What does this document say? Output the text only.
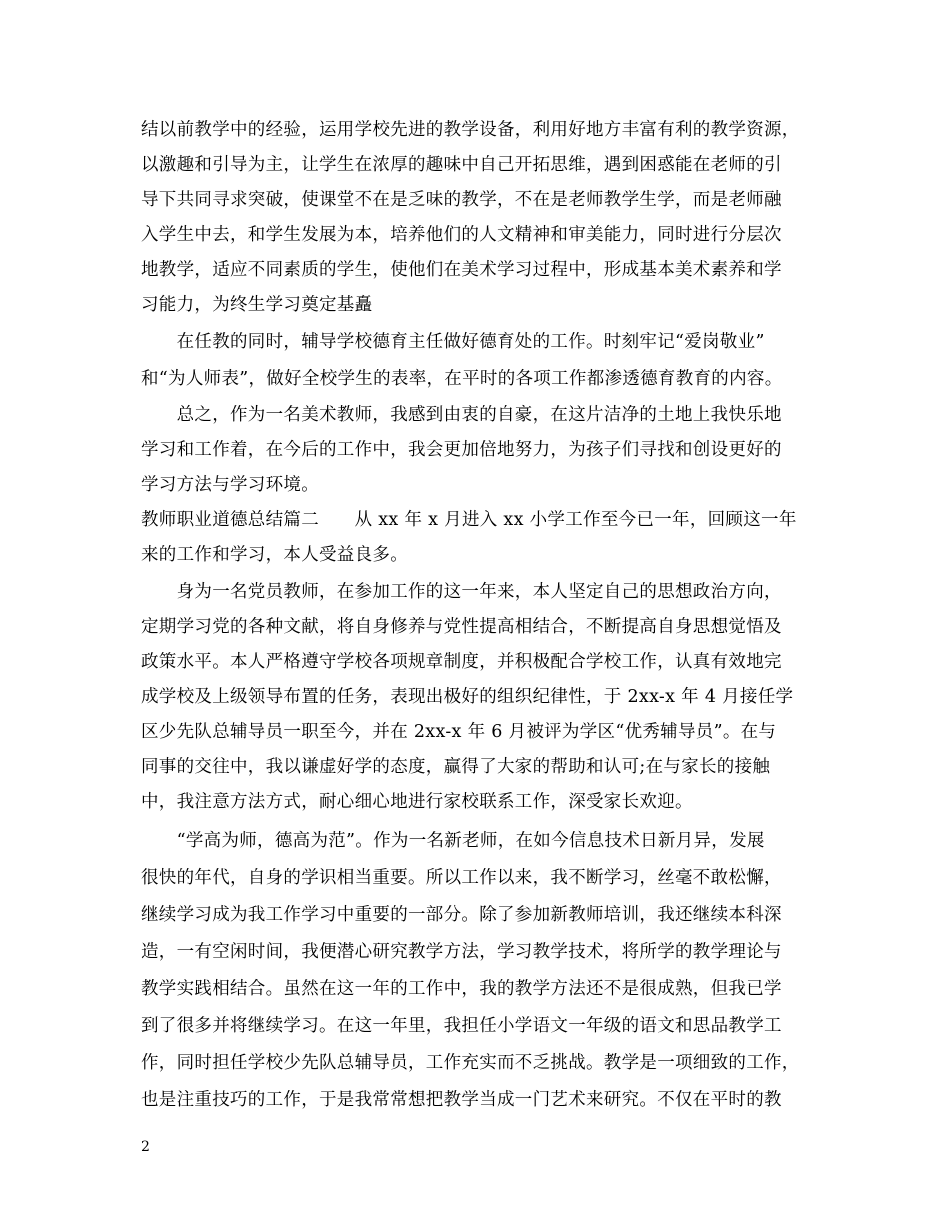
结以前教学中的经验，运用学校先进的教学设备，利用好地方丰富有利的教学资源，
以激趣和引导为主，让学生在浓厚的趣味中自己开拓思维，遇到困惑能在老师的引
导下共同寻求突破，使课堂不在是乏味的教学，不在是老师教学生学，而是老师融
入学生中去，和学生发展为本，培养他们的人文精神和审美能力，同时进行分层次
地教学，适应不同素质的学生，使他们在美术学习过程中，形成基本美术素养和学
习能力，为终生学习奠定基矗
　　在任教的同时，辅导学校德育主任做好德育处的工作。时刻牢记“爱岗敬业”
和“为人师表”，做好全校学生的表率，在平时的各项工作都渗透德育教育的内容。
　　总之，作为一名美术教师，我感到由衷的自豪，在这片洁净的土地上我快乐地
学习和工作着，在今后的工作中，我会更加倍地努力，为孩子们寻找和创设更好的
学习方法与学习环境。
教师职业道德总结篇二　　从 xx 年 x 月进入 xx 小学工作至今已一年，回顾这一年
来的工作和学习，本人受益良多。
　　身为一名党员教师，在参加工作的这一年来，本人坚定自己的思想政治方向，
定期学习党的各种文献，将自身修养与党性提高相结合，不断提高自身思想觉悟及
政策水平。本人严格遵守学校各项规章制度，并积极配合学校工作，认真有效地完
成学校及上级领导布置的任务，表现出极好的组织纪律性，于 2xx-x 年 4 月接任学
区少先队总辅导员一职至今，并在 2xx-x 年 6 月被评为学区“优秀辅导员”。在与
同事的交往中，我以谦虚好学的态度，赢得了大家的帮助和认可;在与家长的接触
中，我注意方法方式，耐心细心地进行家校联系工作，深受家长欢迎。
　　“学高为师，德高为范”。作为一名新老师，在如今信息技术日新月异，发展
很快的年代，自身的学识相当重要。所以工作以来，我不断学习，丝毫不敢松懈，
继续学习成为我工作学习中重要的一部分。除了参加新教师培训，我还继续本科深
造，一有空闲时间，我便潜心研究教学方法，学习教学技术，将所学的教学理论与
教学实践相结合。虽然在这一年的工作中，我的教学方法还不是很成熟，但我已学
到了很多并将继续学习。在这一年里，我担任小学语文一年级的语文和思品教学工
作，同时担任学校少先队总辅导员，工作充实而不乏挑战。教学是一项细致的工作，
也是注重技巧的工作，于是我常常想把教学当成一门艺术来研究。不仅在平时的教
2
